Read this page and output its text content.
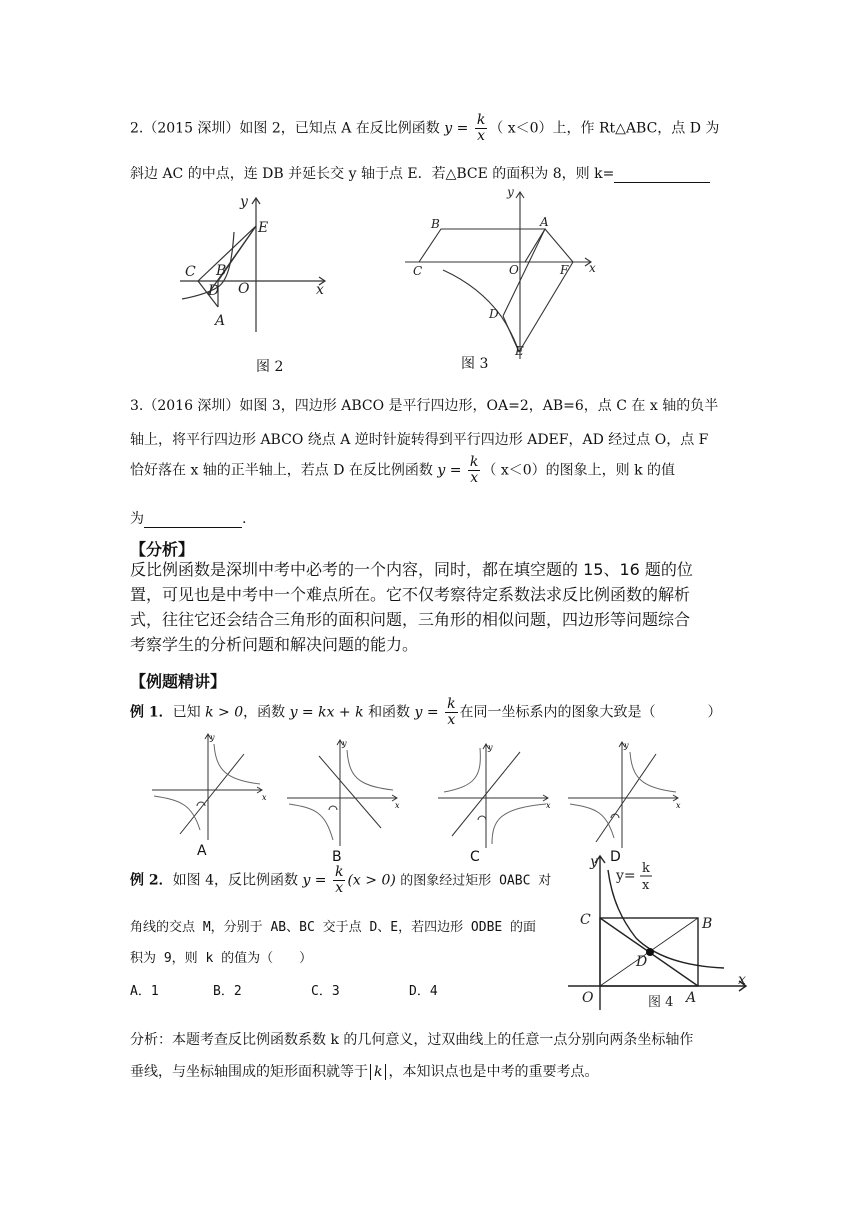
2.（2015 深圳）如图 2，已知点 A 在反比例函数 $y = \frac{k}{x}$ （ x＜0）上，作 Rt△ABC，点 D 为
斜边 AC 的中点，连 DB 并延长交 y 轴于点 E．若△BCE 的面积为 8，则 k=
y
E
C B
D O	x
A
图 2
y
B	A
C	O	F x
D
E
图 3
3.（2016 深圳）如图 3，四边形 ABCO 是平行四边形，OA=2，AB=6，点 C 在 x 轴的负半
轴上，将平行四边形 ABCO 绕点 A 逆时针旋转得到平行四边形 ADEF，AD 经过点 O，点 F
恰好落在 x 轴的正半轴上，若点 D 在反比例函数 $y = \frac{k}{x}$ （ x＜0）的图象上，则 k 的值
为	.
【分析】
反比例函数是深圳中考中必考的一个内容，同时，都在填空题的 15、16 题的位
置，可见也是中考中一个难点所在。它不仅考察待定系数法求反比例函数的解析
式，往往它还会结合三角形的面积问题，三角形的相似问题，四边形等问题综合
考察学生的分析问题和解决问题的能力。
【例题精讲】
例 1．已知 k > 0，函数 y = kx + k 和函数 $y = \frac{k}{x}$ 在同一坐标系内的图象大致是（	）
y
x
A
y
x
B
y
x
C
y
x
D
例 2．如图 4，反比例函数 $y = \frac{k}{x} (x > 0)$ 的图象经过矩形 OABC 对
角线的交点 M，分别于 AB、BC 交于点 D、E，若四边形 ODBE 的面
积为 9，则 k 的值为（　　）
A．1	B．2	C．3	D．4
y
y= k
x
C	B
D
O	A
x
图 4
分析：本题考查反比例函数系数 k 的几何意义，过双曲线上的任意一点分别向两条坐标轴作
垂线，与坐标轴围成的矩形面积就等于 k ，本知识点也是中考的重要考点。
